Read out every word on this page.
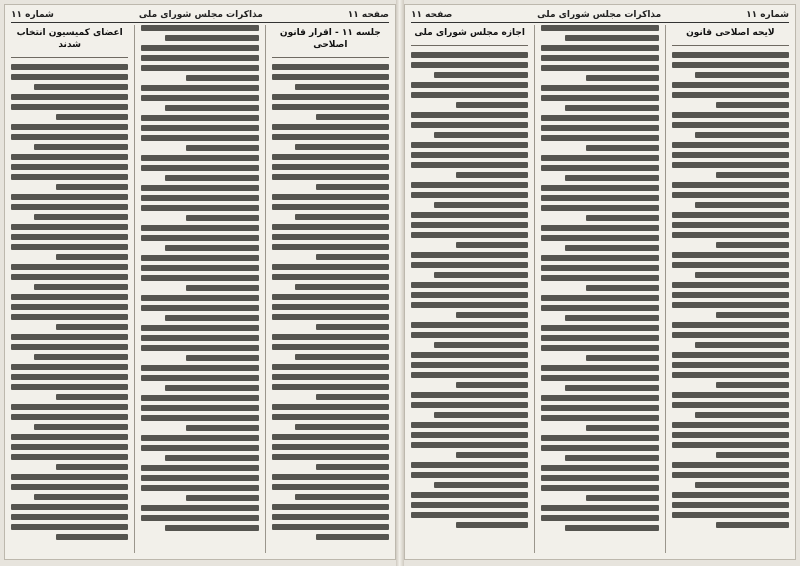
صفحه ۱۱
مذاکرات مجلس شورای ملی
شماره ۱۱
جلسه ۱۱ - اقرار قانون اصلاحی
اعضای کمیسیون انتخاب شدند
شماره ۱۱
مذاکرات مجلس شورای ملی
صفحه ۱۱
لایحه اصلاحی قانون
اجازه مجلس شورای ملی
